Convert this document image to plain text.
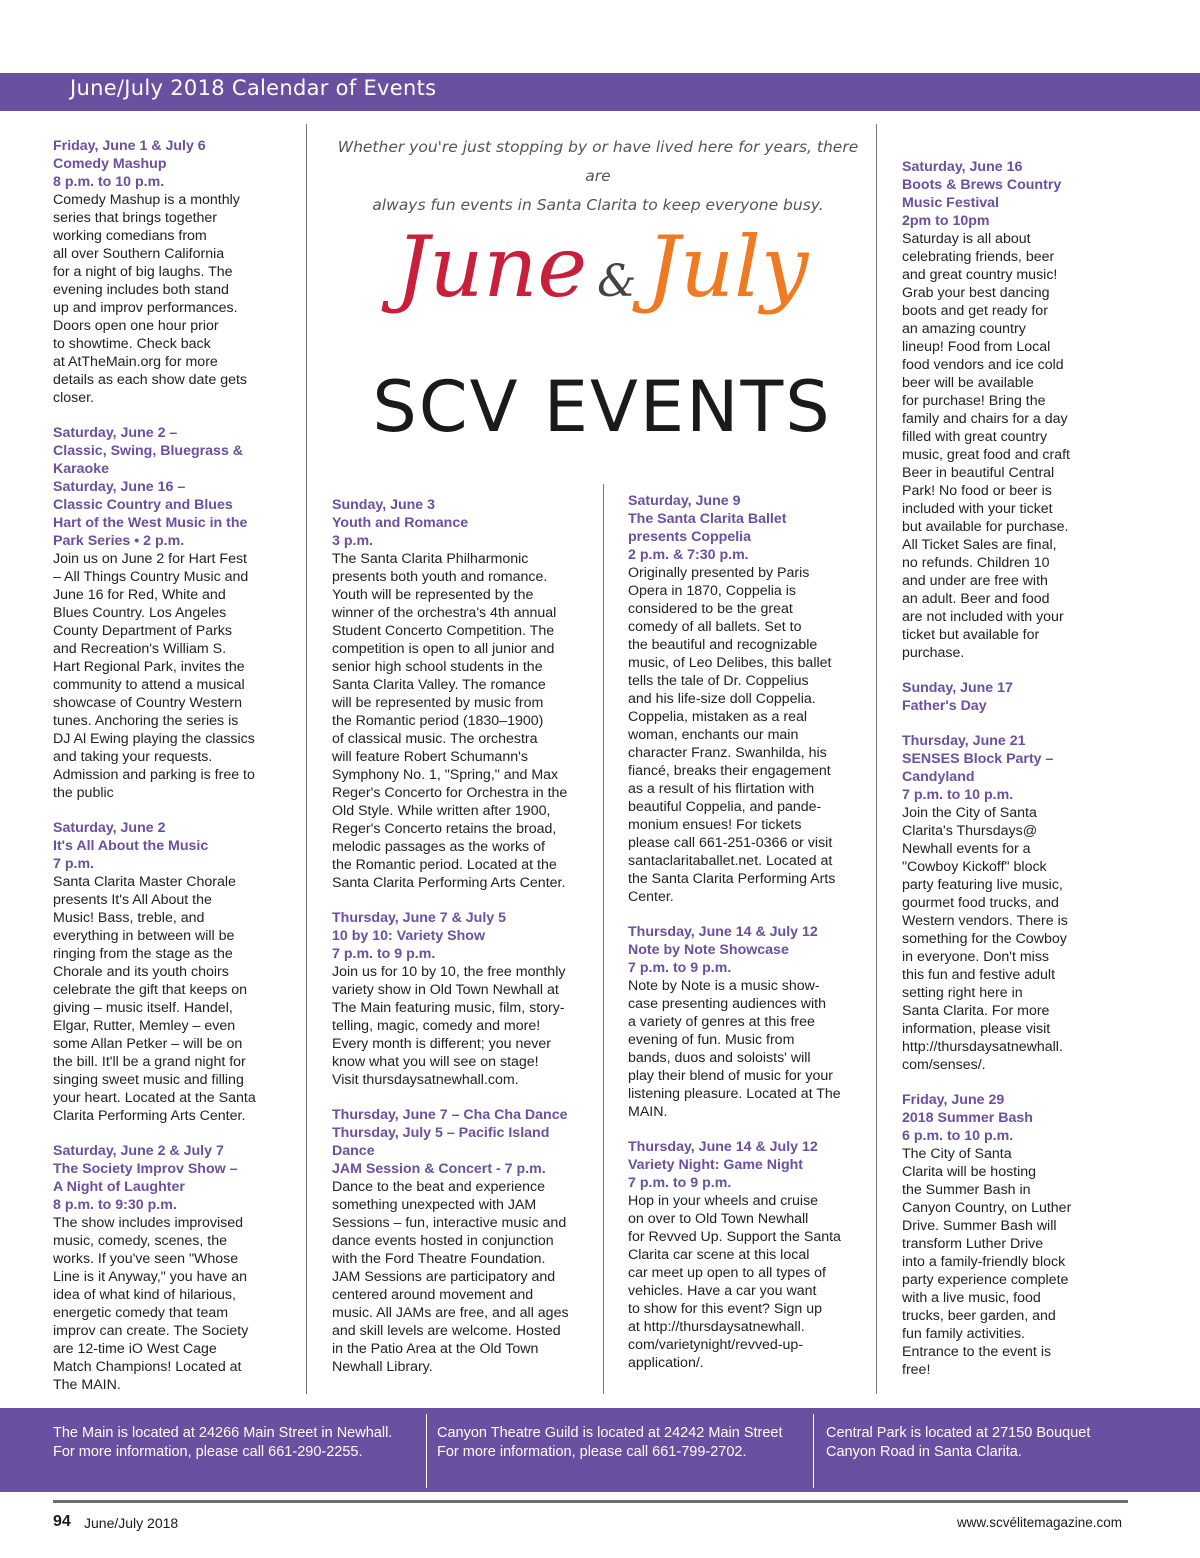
June/July 2018 Calendar of Events
Friday, June 1 & July 6
Comedy Mashup
8 p.m. to 10 p.m.
Comedy Mashup is a monthly
series that brings together
working comedians from
all over Southern California
for a night of big laughs. The
evening includes both stand
up and improv performances.
Doors open one hour prior
to showtime. Check back
at AtTheMain.org for more
details as each show date gets
closer.
Saturday, June 2 –
Classic, Swing, Bluegrass &
Karaoke
Saturday, June 16 –
Classic Country and Blues
Hart of the West Music in the
Park Series • 2 p.m.
Join us on June 2 for Hart Fest
– All Things Country Music and
June 16 for Red, White and
Blues Country. Los Angeles
County Department of Parks
and Recreation's William S.
Hart Regional Park, invites the
community to attend a musical
showcase of Country Western
tunes. Anchoring the series is
DJ Al Ewing playing the classics
and taking your requests.
Admission and parking is free to
the public
Saturday, June 2
It's All About the Music
7 p.m.
Santa Clarita Master Chorale
presents It's All About the
Music! Bass, treble, and
everything in between will be
ringing from the stage as the
Chorale and its youth choirs
celebrate the gift that keeps on
giving – music itself. Handel,
Elgar, Rutter, Memley – even
some Allan Petker – will be on
the bill. It'll be a grand night for
singing sweet music and filling
your heart. Located at the Santa
Clarita Performing Arts Center.
Saturday, June 2 & July 7
The Society Improv Show –
A Night of Laughter
8 p.m. to 9:30 p.m.
The show includes improvised
music, comedy, scenes, the
works. If you've seen "Whose
Line is it Anyway," you have an
idea of what kind of hilarious,
energetic comedy that team
improv can create. The Society
are 12-time iO West Cage
Match Champions! Located at
The MAIN.
Sunday, June 3
Youth and Romance
3 p.m.
The Santa Clarita Philharmonic
presents both youth and romance.
Youth will be represented by the
winner of the orchestra's 4th annual
Student Concerto Competition. The
competition is open to all junior and
senior high school students in the
Santa Clarita Valley. The romance
will be represented by music from
the Romantic period (1830–1900)
of classical music. The orchestra
will feature Robert Schumann's
Symphony No. 1, "Spring," and Max
Reger's Concerto for Orchestra in the
Old Style. While written after 1900,
Reger's Concerto retains the broad,
melodic passages as the works of
the Romantic period. Located at the
Santa Clarita Performing Arts Center.
Thursday, June 7 & July 5
10 by 10: Variety Show
7 p.m. to 9 p.m.
Join us for 10 by 10, the free monthly
variety show in Old Town Newhall at
The Main featuring music, film, story-
telling, magic, comedy and more!
Every month is different; you never
know what you will see on stage!
Visit thursdaysatnewhall.com.
Thursday, June 7 – Cha Cha Dance
Thursday, July 5 – Pacific Island
Dance
JAM Session & Concert - 7 p.m.
Dance to the beat and experience
something unexpected with JAM
Sessions – fun, interactive music and
dance events hosted in conjunction
with the Ford Theatre Foundation.
JAM Sessions are participatory and
centered around movement and
music. All JAMs are free, and all ages
and skill levels are welcome. Hosted
in the Patio Area at the Old Town
Newhall Library.
Saturday, June 9
The Santa Clarita Ballet
presents Coppelia
2 p.m. & 7:30 p.m.
Originally presented by Paris
Opera in 1870, Coppelia is
considered to be the great
comedy of all ballets. Set to
the beautiful and recognizable
music, of Leo Delibes, this ballet
tells the tale of Dr. Coppelius
and his life-size doll Coppelia.
Coppelia, mistaken as a real
woman, enchants our main
character Franz. Swanhilda, his
fiancé, breaks their engagement
as a result of his flirtation with
beautiful Coppelia, and pande-
monium ensues! For tickets
please call 661-251-0366 or visit
santaclaritaballet.net. Located at
the Santa Clarita Performing Arts
Center.
Thursday, June 14 & July 12
Note by Note Showcase
7 p.m. to 9 p.m.
Note by Note is a music show-
case presenting audiences with
a variety of genres at this free
evening of fun. Music from
bands, duos and soloists' will
play their blend of music for your
listening pleasure. Located at The
MAIN.
Thursday, June 14 & July 12
Variety Night: Game Night
7 p.m. to 9 p.m.
Hop in your wheels and cruise
on over to Old Town Newhall
for Revved Up. Support the Santa
Clarita car scene at this local
car meet up open to all types of
vehicles. Have a car you want
to show for this event? Sign up
at http://thursdaysatnewhall.
com/varietynight/revved-up-
application/.
Saturday, June 16
Boots & Brews Country
Music Festival
2pm to 10pm
Saturday is all about
celebrating friends, beer
and great country music!
Grab your best dancing
boots and get ready for
an amazing country
lineup! Food from Local
food vendors and ice cold
beer will be available
for purchase! Bring the
family and chairs for a day
filled with great country
music, great food and craft
Beer in beautiful Central
Park! No food or beer is
included with your ticket
but available for purchase.
All Ticket Sales are final,
no refunds. Children 10
and under are free with
an adult. Beer and food
are not included with your
ticket but available for
purchase.
Sunday, June 17
Father's Day
Thursday, June 21
SENSES Block Party –
Candyland
7 p.m. to 10 p.m.
Join the City of Santa
Clarita's Thursdays@
Newhall events for a
"Cowboy Kickoff" block
party featuring live music,
gourmet food trucks, and
Western vendors. There is
something for the Cowboy
in everyone. Don't miss
this fun and festive adult
setting right here in
Santa Clarita. For more
information, please visit
http://thursdaysatnewhall.
com/senses/.
Friday, June 29
2018 Summer Bash
6 p.m. to 10 p.m.
The City of Santa
Clarita will be hosting
the Summer Bash in
Canyon Country, on Luther
Drive. Summer Bash will
transform Luther Drive
into a family-friendly block
party experience complete
with a live music, food
trucks, beer garden, and
fun family activities.
Entrance to the event is
free!
Whether you're just stopping by or have lived here for years, there are
always fun events in Santa Clarita to keep everyone busy.
June & July
SCV EVENTS
The Main is located at 24266 Main Street in Newhall.
For more information, please call 661-290-2255.
Canyon Theatre Guild is located at 24242 Main Street
For more information, please call 661-799-2702.
Central Park is located at 27150 Bouquet
Canyon Road in Santa Clarita.
94 June/July 2018	www.scvélitemagazine.com
